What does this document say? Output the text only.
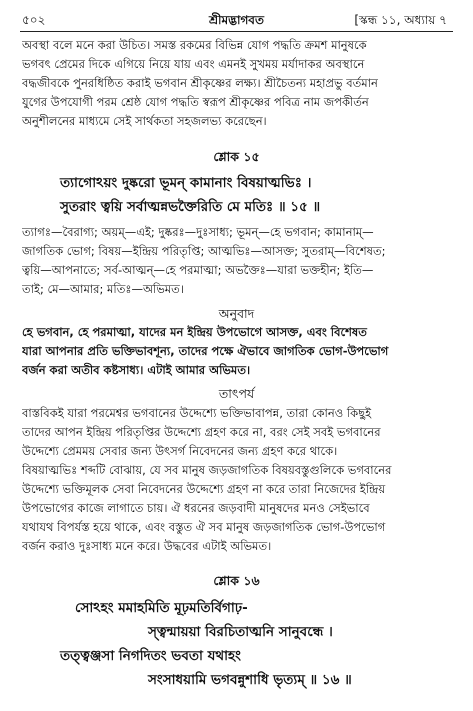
শ্রীমদ্ভাগবত
৫০২	[স্কন্ধ ১১, অধ্যায় ৭
অবস্থা বলে মনে করা উচিত। সমস্ত রকমের বিভিন্ন যোগ পদ্ধতি ক্রমশ মানুষকে
ভগবৎ প্রেমের দিকে এগিয়ে নিয়ে যায় এবং এমনই সুখময় মর্যাদাকর অবস্থানে
বদ্ধজীবকে পুনরধিষ্ঠিত করাই ভগবান শ্রীকৃষ্ণের লক্ষ্য। শ্রীচৈতন্য মহাপ্রভু বর্তমান
যুগের উপযোগী পরম শ্রেষ্ঠ যোগ পদ্ধতি স্বরূপ শ্রীকৃষ্ণের পবিত্র নাম জপকীর্তন
অনুশীলনের মাধ্যমে সেই সার্থকতা সহজলভ্য করেছেন।
শ্লোক ১৫
ত্যাগোঽয়ং দুষ্করো ভূমন্ কামানাং বিষয়াত্মভিঃ ।
সুতরাং ত্বয়ি সর্বাত্মন্নভক্তৈরিতি মে মতিঃ ॥ ১৫ ॥
ত্যাগঃ—বৈরাগ্য; অয়ম্—এই; দুষ্করঃ—দুঃসাধ্য; ভূমন্—হে ভগবান; কামানাম্—
জাগতিক ভোগ; বিষয়—ইন্দ্রিয় পরিতৃপ্তি; আত্মভিঃ—আসক্ত; সুতরাম্—বিশেষত;
ত্বয়ি—আপনাতে; সর্ব-আত্মন্—হে পরমাত্মা; অভক্তৈঃ—যারা ভক্তহীন; ইতি—
তাই; মে—আমার; মতিঃ—অভিমত।
অনুবাদ
হে ভগবান, হে পরমাত্মা, যাদের মন ইন্দ্রিয় উপভোগে আসক্ত, এবং বিশেষত
যারা আপনার প্রতি ভক্তিভাবশূন্য, তাদের পক্ষে ঐভাবে জাগতিক ভোগ-উপভোগ
বর্জন করা অতীব কষ্টসাধ্য। এটাই আমার অভিমত।
তাৎপর্য
বাস্তবিকই যারা পরমেশ্বর ভগবানের উদ্দেশ্যে ভক্তিভাবাপন্ন, তারা কোনও কিছুই
তাদের আপন ইন্দ্রিয় পরিতৃপ্তির উদ্দেশ্যে গ্রহণ করে না, বরং সেই সবই ভগবানের
উদ্দেশ্যে প্রেমময় সেবার জন্য উৎসর্গ নিবেদনের জন্য গ্রহণ করে থাকে।
বিষয়াত্মভিঃ শব্দটি বোঝায়, যে সব মানুষ জড়জাগতিক বিষয়বস্তুগুলিকে ভগবানের
উদ্দেশ্যে ভক্তিমূলক সেবা নিবেদনের উদ্দেশ্যে গ্রহণ না করে তারা নিজেদের ইন্দ্রিয়
উপভোগের কাজে লাগাতে চায়। ঐ ধরনের জড়বাদী মানুষদের মনও সেইভাবে
যথাযথ বিপর্যস্ত হয়ে থাকে, এবং বস্তুত ঐ সব মানুষ জড়জাগতিক ভোগ-উপভোগ
বর্জন করাও দুঃসাধ্য মনে করে। উদ্ধবের এটাই অভিমত।
শ্লোক ১৬
সোঽহং মমাহমিতি মূঢ়মতির্বিগাঢ়-
স্ত্বন্মায়য়া বিরচিতাত্মনি সানুবন্ধে ।
তত্ত্বঞ্জসা নিগদিতং ভবতা যথাহং
সংসাধয়ামি ভগবন্নুশাধি ভৃত্যম্ ॥ ১৬ ॥
